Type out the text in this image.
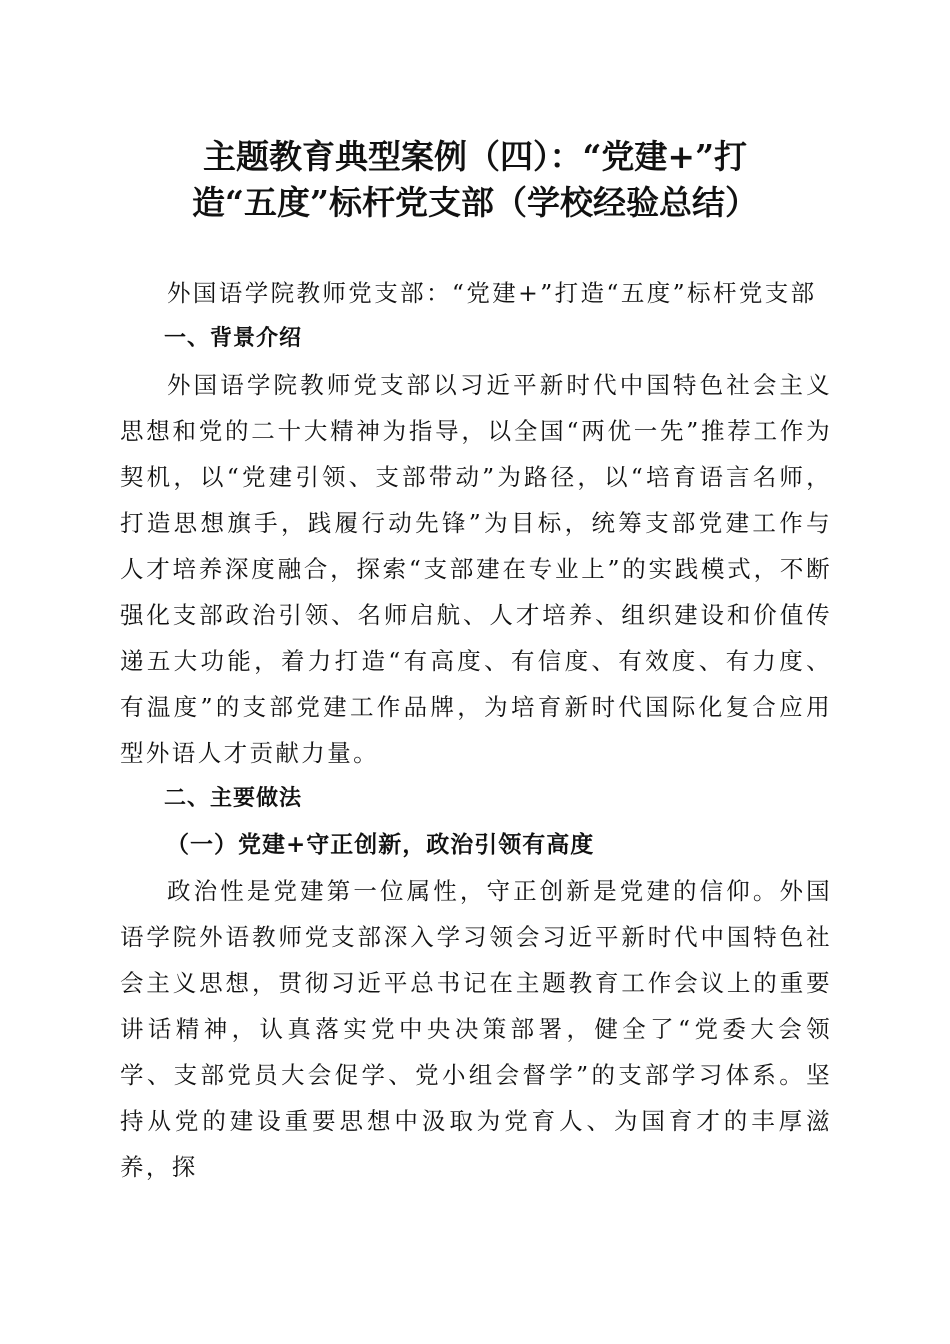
主题教育典型案例（四）：“党建+”打
造“五度”标杆党支部（学校经验总结）

外国语学院教师党支部：“党建+”打造“五度”标杆党支部

一、背景介绍

外国语学院教师党支部以习近平新时代中国特色社会主义思想和党的二十大精神为指导，以全国“两优一先”推荐工作为契机，以“党建引领、支部带动”为路径，以“培育语言名师，打造思想旗手，践履行动先锋”为目标，统筹支部党建工作与人才培养深度融合，探索“支部建在专业上”的实践模式，不断强化支部政治引领、名师启航、人才培养、组织建设和价值传递五大功能，着力打造“有高度、有信度、有效度、有力度、有温度”的支部党建工作品牌，为培育新时代国际化复合应用型外语人才贡献力量。

二、主要做法

（一）党建+守正创新，政治引领有高度

政治性是党建第一位属性，守正创新是党建的信仰。外国语学院外语教师党支部深入学习领会习近平新时代中国特色社会主义思想，贯彻习近平总书记在主题教育工作会议上的重要讲话精神，认真落实党中央决策部署，健全了“党委大会领学、支部党员大会促学、党小组会督学”的支部学习体系。坚持从党的建设重要思想中汲取为党育人、为国育才的丰厚滋养，探
